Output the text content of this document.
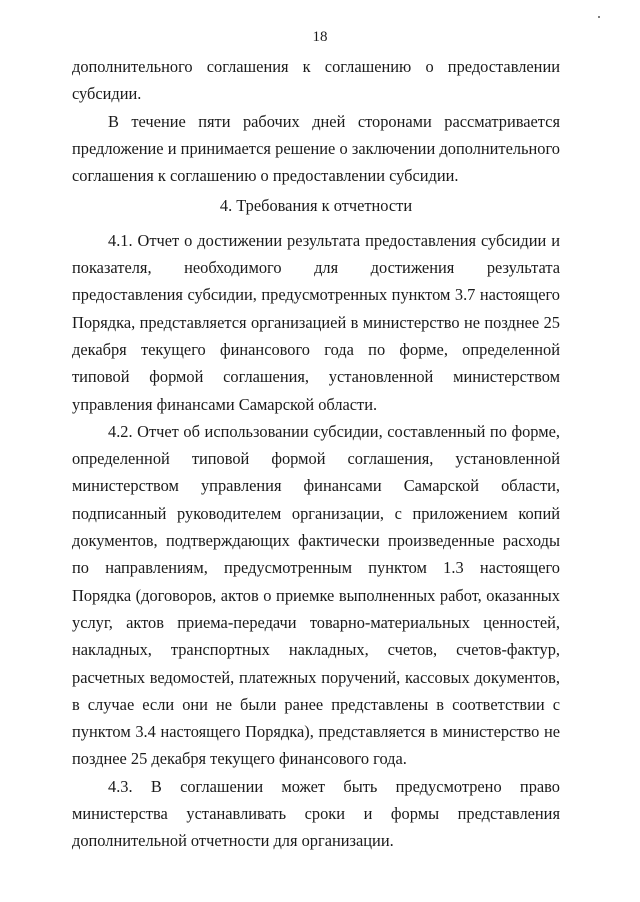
18

дополнительного соглашения к соглашению о предоставлении субсидии.

В течение пяти рабочих дней сторонами рассматривается предложение и принимается решение о заключении дополнительного соглашения к соглашению о предоставлении субсидии.

4. Требования к отчетности

4.1. Отчет о достижении результата предоставления субсидии и показателя, необходимого для достижения результата предоставления субсидии, предусмотренных пунктом 3.7 настоящего Порядка, представляется организацией в министерство не позднее 25 декабря текущего финансового года по форме, определенной типовой формой соглашения, установленной министерством управления финансами Самарской области.

4.2. Отчет об использовании субсидии, составленный по форме, определенной типовой формой соглашения, установленной министерством управления финансами Самарской области, подписанный руководителем организации, с приложением копий документов, подтверждающих фактически произведенные расходы по направлениям, предусмотренным пунктом 1.3 настоящего Порядка (договоров, актов о приемке выполненных работ, оказанных услуг, актов приема-передачи товарно-материальных ценностей, накладных, транспортных накладных, счетов, счетов-фактур, расчетных ведомостей, платежных поручений, кассовых документов, в случае если они не были ранее представлены в соответствии с пунктом 3.4 настоящего Порядка), представляется в министерство не позднее 25 декабря текущего финансового года.

4.3. В соглашении может быть предусмотрено право министерства устанавливать сроки и формы представления дополнительной отчетности для организации.
